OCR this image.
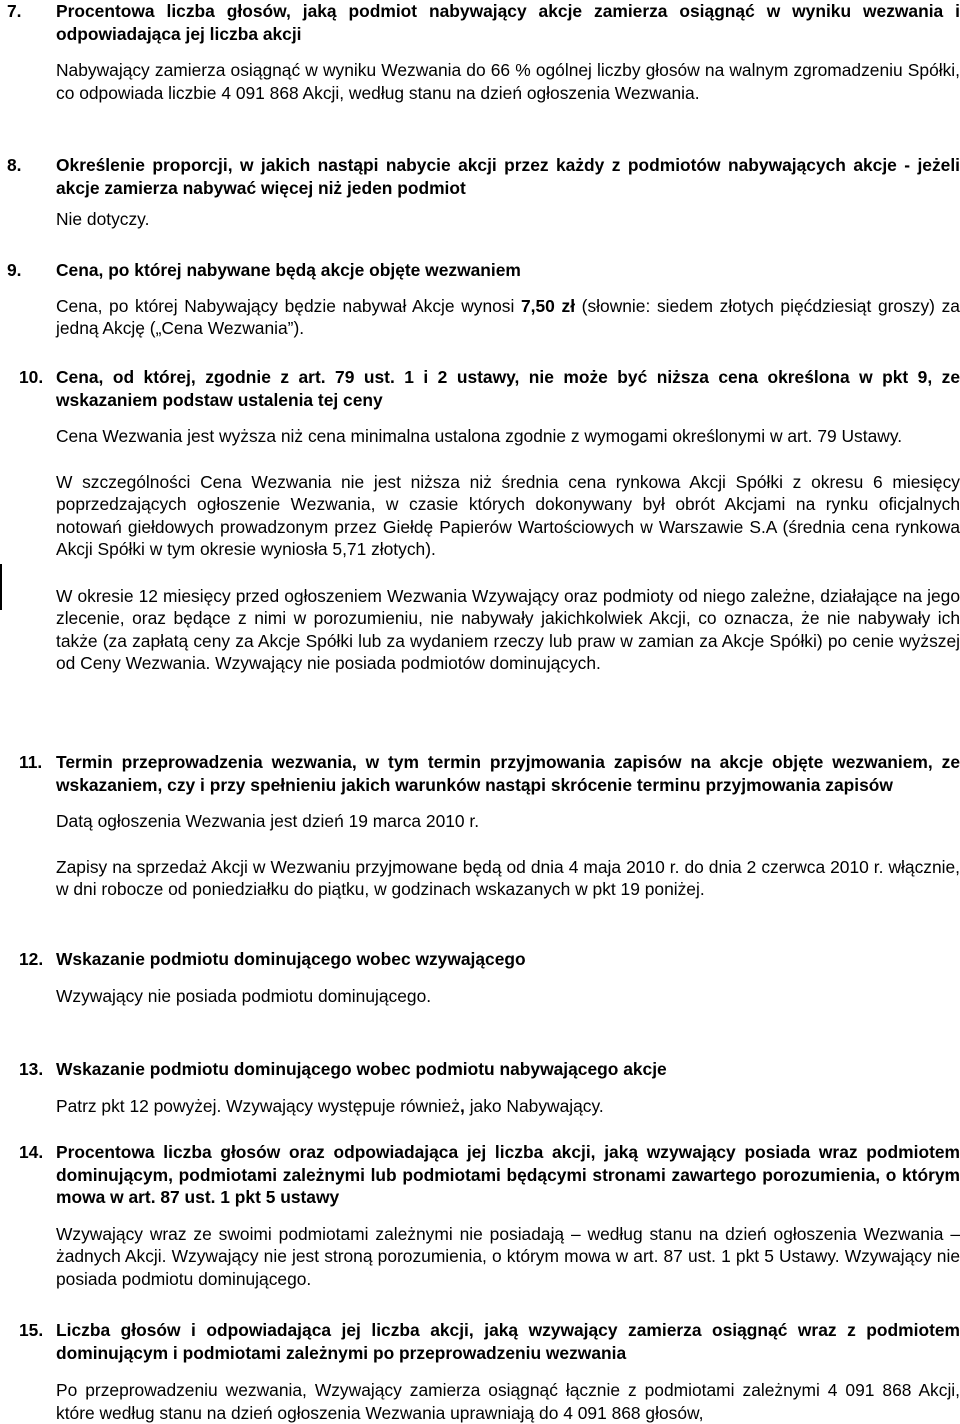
7. Procentowa liczba głosów, jaką podmiot nabywający akcje zamierza osiągnąć w wyniku wezwania i odpowiadająca jej liczba akcji

Nabywający zamierza osiągnąć w wyniku Wezwania do 66 % ogólnej liczby głosów na walnym zgromadzeniu Spółki, co odpowiada liczbie 4 091 868 Akcji, według stanu na dzień ogłoszenia Wezwania.

8. Określenie proporcji, w jakich nastąpi nabycie akcji przez każdy z podmiotów nabywających akcje - jeżeli akcje zamierza nabywać więcej niż jeden podmiot

Nie dotyczy.

9. Cena, po której nabywane będą akcje objęte wezwaniem

Cena, po której Nabywający będzie nabywał Akcje wynosi 7,50 zł (słownie: siedem złotych pięćdziesiąt groszy) za jedną Akcję („Cena Wezwania”).

10. Cena, od której, zgodnie z art. 79 ust. 1 i 2 ustawy, nie może być niższa cena określona w pkt 9, ze wskazaniem podstaw ustalenia tej ceny

Cena Wezwania jest wyższa niż cena minimalna ustalona zgodnie z wymogami określonymi w art. 79 Ustawy.

W szczególności Cena Wezwania nie jest niższa niż średnia cena rynkowa Akcji Spółki z okresu 6 miesięcy poprzedzających ogłoszenie Wezwania, w czasie których dokonywany był obrót Akcjami na rynku oficjalnych notowań giełdowych prowadzonym przez Giełdę Papierów Wartościowych w Warszawie S.A (średnia cena rynkowa Akcji Spółki w tym okresie wyniosła 5,71 złotych).

W okresie 12 miesięcy przed ogłoszeniem Wezwania Wzywający oraz podmioty od niego zależne, działające na jego zlecenie, oraz będące z nimi w porozumieniu, nie nabywały jakichkolwiek Akcji, co oznacza, że nie nabywały ich także (za zapłatą ceny za Akcje Spółki lub za wydaniem rzeczy lub praw w zamian za Akcje Spółki) po cenie wyższej od Ceny Wezwania. Wzywający nie posiada podmiotów dominujących.

11. Termin przeprowadzenia wezwania, w tym termin przyjmowania zapisów na akcje objęte wezwaniem, ze wskazaniem, czy i przy spełnieniu jakich warunków nastąpi skrócenie terminu przyjmowania zapisów

Datą ogłoszenia Wezwania jest dzień 19 marca 2010 r.

Zapisy na sprzedaż Akcji w Wezwaniu przyjmowane będą od dnia 4 maja 2010 r. do dnia 2 czerwca 2010 r. włącznie, w dni robocze od poniedziałku do piątku, w godzinach wskazanych w pkt 19 poniżej.

12. Wskazanie podmiotu dominującego wobec wzywającego

Wzywający nie posiada podmiotu dominującego.

13. Wskazanie podmiotu dominującego wobec podmiotu nabywającego akcje

Patrz pkt 12 powyżej. Wzywający występuje również, jako Nabywający.

14. Procentowa liczba głosów oraz odpowiadająca jej liczba akcji, jaką wzywający posiada wraz podmiotem dominującym, podmiotami zależnymi lub podmiotami będącymi stronami zawartego porozumienia, o którym mowa w art. 87 ust. 1 pkt 5 ustawy

Wzywający wraz ze swoimi podmiotami zależnymi nie posiadają – według stanu na dzień ogłoszenia Wezwania – żadnych Akcji. Wzywający nie jest stroną porozumienia, o którym mowa w art. 87 ust. 1 pkt 5 Ustawy. Wzywający nie posiada podmiotu dominującego.

15. Liczba głosów i odpowiadająca jej liczba akcji, jaką wzywający zamierza osiągnąć wraz z podmiotem dominującym i podmiotami zależnymi po przeprowadzeniu wezwania

Po przeprowadzeniu wezwania, Wzywający zamierza osiągnąć łącznie z podmiotami zależnymi 4 091 868 Akcji, które według stanu na dzień ogłoszenia Wezwania uprawniają do 4 091 868 głosów,
